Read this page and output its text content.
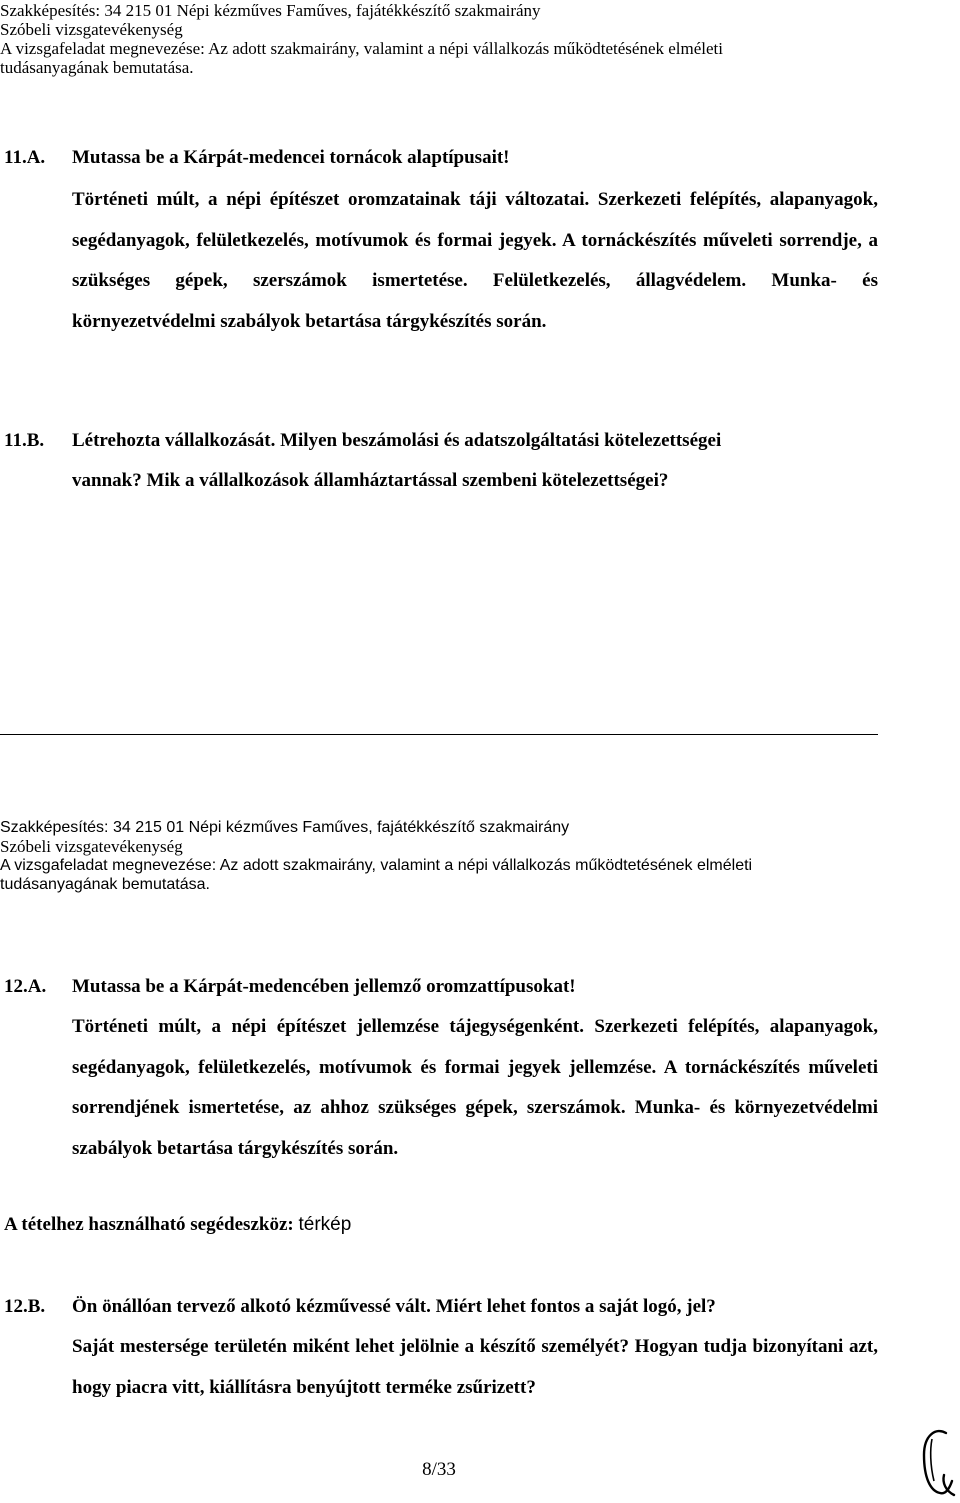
Szakképesítés: 34 215 01 Népi kézműves Faműves, fajátékkészítő szakmairány
Szóbeli vizsgatevékenység
A vizsgafeladat megnevezése: Az adott szakmairány, valamint a népi vállalkozás működtetésének elméleti
tudásanyagának bemutatása.
11.A. Mutassa be a Kárpát-medencei tornácok alaptípusait!
Történeti múlt, a népi építészet oromzatainak táji változatai. Szerkezeti felépítés, alapanyagok, segédanyagok, felületkezelés, motívumok és formai jegyek. A tornáckészítés műveleti sorrendje, a szükséges gépek, szerszámok ismertetése. Felületkezelés, állagvédelem. Munka- és környezetvédelmi szabályok betartása tárgykészítés során.
11.B. Létrehozta vállalkozását. Milyen beszámolási és adatszolgáltatási kötelezettségei
vannak? Mik a vállalkozások államháztartással szembeni kötelezettségei?
Szakképesítés: 34 215 01 Népi kézműves Faműves, fajátékkészítő szakmairány
Szóbeli vizsgatevékenység
A vizsgafeladat megnevezése: Az adott szakmairány, valamint a népi vállalkozás működtetésének elméleti
tudásanyagának bemutatása.
12.A. Mutassa be a Kárpát-medencében jellemző oromzattípusokat!
Történeti múlt, a népi építészet jellemzése tájegységenként. Szerkezeti felépítés, alapanyagok, segédanyagok, felületkezelés, motívumok és formai jegyek jellemzése. A tornáckészítés műveleti sorrendjének ismertetése, az ahhoz szükséges gépek, szerszámok. Munka- és környezetvédelmi szabályok betartása tárgykészítés során.
A tételhez használható segédeszköz: térkép
12.B. Ön önállóan tervező alkotó kézművessé vált. Miért lehet fontos a saját logó, jel?
Saját mestersége területén miként lehet jelölnie a készítő személyét? Hogyan tudja bizonyítani azt, hogy piacra vitt, kiállításra benyújtott terméke zsűrizett?
8/33
